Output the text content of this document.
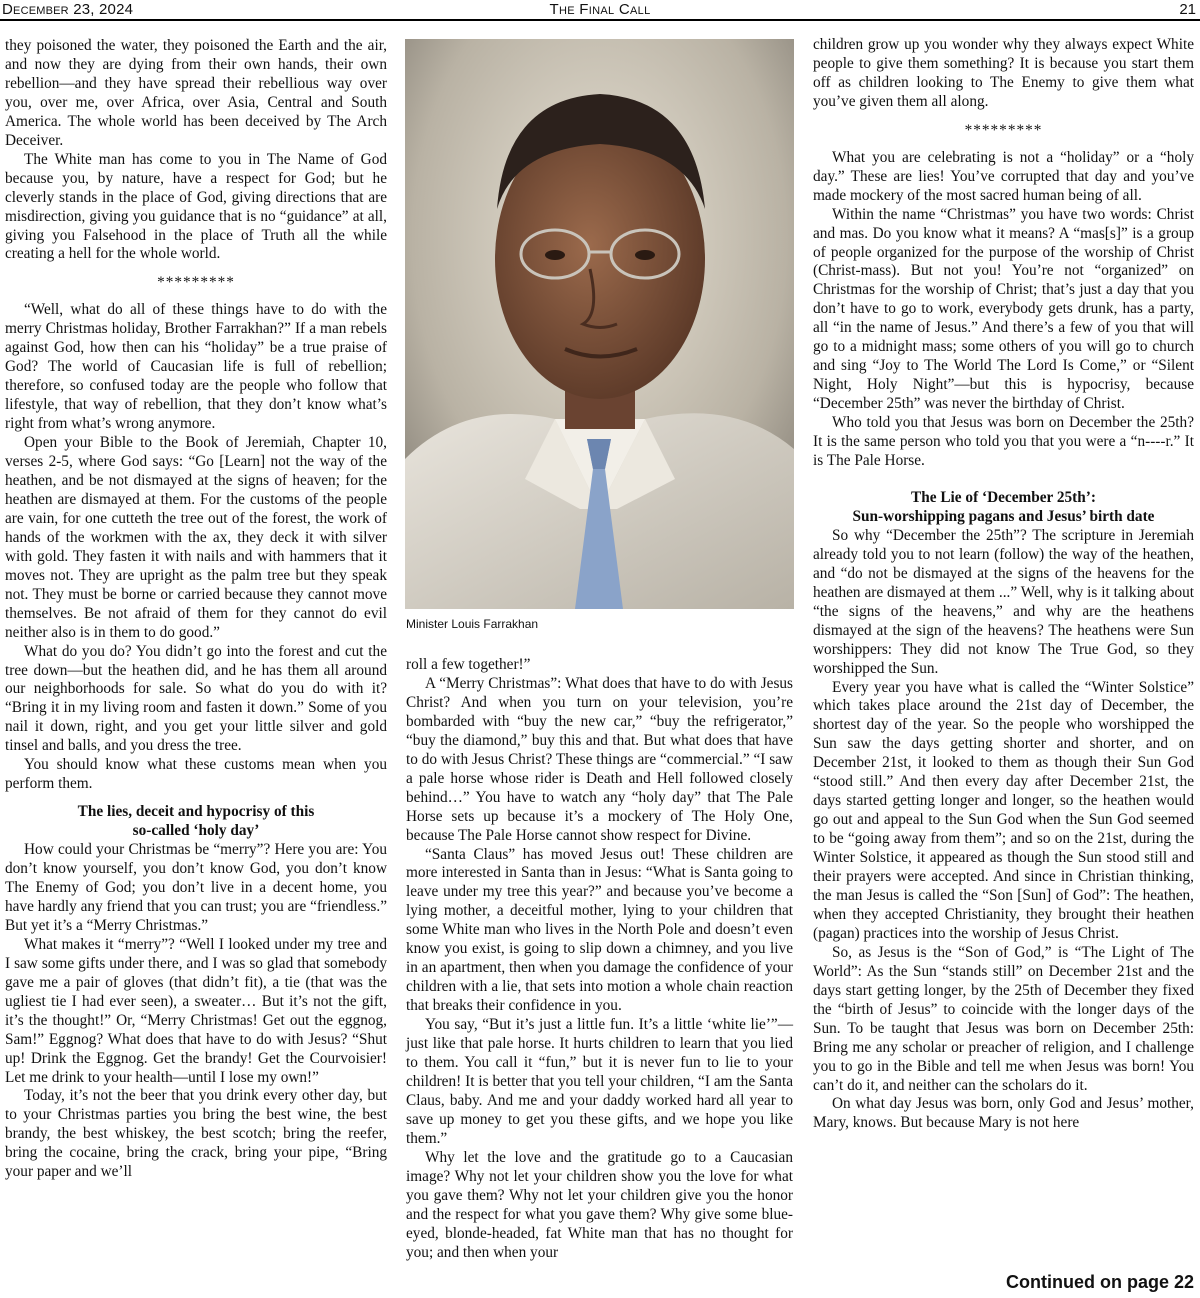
December 23, 2024	The Final Call	21

they poisoned the water, they poisoned the Earth and the air, and now they are dying from their own hands, their own rebellion—and they have spread their rebellious way over you, over me, over Africa, over Asia, Central and South America. The whole world has been deceived by The Arch Deceiver.

The White man has come to you in The Name of God because you, by nature, have a respect for God; but he cleverly stands in the place of God, giving directions that are misdirection, giving you guidance that is no “guidance” at all, giving you Falsehood in the place of Truth all the while creating a hell for the whole world.

*********

“Well, what do all of these things have to do with the merry Christmas holiday, Brother Farrakhan?” If a man rebels against God, how then can his “holiday” be a true praise of God? The world of Caucasian life is full of rebellion; therefore, so confused today are the people who follow that lifestyle, that way of rebellion, that they don’t know what’s right from what’s wrong anymore.

Open your Bible to the Book of Jeremiah, Chapter 10, verses 2-5, where God says: “Go [Learn] not the way of the heathen, and be not dismayed at the signs of heaven; for the heathen are dismayed at them. For the customs of the people are vain, for one cutteth the tree out of the forest, the work of hands of the workmen with the ax, they deck it with silver with gold. They fasten it with nails and with hammers that it moves not. They are upright as the palm tree but they speak not. They must be borne or carried because they cannot move themselves. Be not afraid of them for they cannot do evil neither also is in them to do good.”

What do you do? You didn’t go into the forest and cut the tree down—but the heathen did, and he has them all around our neighborhoods for sale. So what do you do with it? “Bring it in my living room and fasten it down.” Some of you nail it down, right, and you get your little silver and gold tinsel and balls, and you dress the tree.

You should know what these customs mean when you perform them.

The lies, deceit and hypocrisy of this
so-called ‘holy day’

How could your Christmas be “merry”? Here you are: You don’t know yourself, you don’t know God, you don’t know The Enemy of God; you don’t live in a decent home, you have hardly any friend that you can trust; you are “friendless.” But yet it’s a “Merry Christmas.”

What makes it “merry”? “Well I looked under my tree and I saw some gifts under there, and I was so glad that somebody gave me a pair of gloves (that didn’t fit), a tie (that was the ugliest tie I had ever seen), a sweater… But it’s not the gift, it’s the thought!” Or, “Merry Christmas! Get out the eggnog, Sam!” Eggnog? What does that have to do with Jesus? “Shut up! Drink the Eggnog. Get the brandy! Get the Courvoisier! Let me drink to your health—until I lose my own!”

Today, it’s not the beer that you drink every other day, but to your Christmas parties you bring the best wine, the best brandy, the best whiskey, the best scotch; bring the reefer, bring the cocaine, bring the crack, bring your pipe, “Bring your paper and we’ll

Minister Louis Farrakhan

roll a few together!”

A “Merry Christmas”: What does that have to do with Jesus Christ? And when you turn on your television, you’re bombarded with “buy the new car,” “buy the refrigerator,” “buy the diamond,” buy this and that. But what does that have to do with Jesus Christ? These things are “commercial.” “I saw a pale horse whose rider is Death and Hell followed closely behind…” You have to watch any “holy day” that The Pale Horse sets up because it’s a mockery of The Holy One, because The Pale Horse cannot show respect for Divine.

“Santa Claus” has moved Jesus out! These children are more interested in Santa than in Jesus: “What is Santa going to leave under my tree this year?” and because you’ve become a lying mother, a deceitful mother, lying to your children that some White man who lives in the North Pole and doesn’t even know you exist, is going to slip down a chimney, and you live in an apartment, then when you damage the confidence of your children with a lie, that sets into motion a whole chain reaction that breaks their confidence in you.

You say, “But it’s just a little fun. It’s a little ‘white lie’”—just like that pale horse. It hurts children to learn that you lied to them. You call it “fun,” but it is never fun to lie to your children! It is better that you tell your children, “I am the Santa Claus, baby. And me and your daddy worked hard all year to save up money to get you these gifts, and we hope you like them.”

Why let the love and the gratitude go to a Caucasian image? Why not let your children show you the love for what you gave them? Why not let your children give you the honor and the respect for what you gave them? Why give some blue-eyed, blonde-headed, fat White man that has no thought for you; and then when your

children grow up you wonder why they always expect White people to give them something? It is because you start them off as children looking to The Enemy to give them what you’ve given them all along.

*********

What you are celebrating is not a “holiday” or a “holy day.” These are lies! You’ve corrupted that day and you’ve made mockery of the most sacred human being of all.

Within the name “Christmas” you have two words: Christ and mas. Do you know what it means? A “mas[s]” is a group of people organized for the purpose of the worship of Christ (Christ-mass). But not you! You’re not “organized” on Christmas for the worship of Christ; that’s just a day that you don’t have to go to work, everybody gets drunk, has a party, all “in the name of Jesus.” And there’s a few of you that will go to a midnight mass; some others of you will go to church and sing “Joy to The World The Lord Is Come,” or “Silent Night, Holy Night”—but this is hypocrisy, because “December 25th” was never the birthday of Christ.

Who told you that Jesus was born on December the 25th? It is the same person who told you that you were a “n----r.” It is The Pale Horse.

The Lie of ‘December 25th’:
Sun-worshipping pagans and Jesus’ birth date

So why “December the 25th”? The scripture in Jeremiah already told you to not learn (follow) the way of the heathen, and “do not be dismayed at the signs of the heavens for the heathen are dismayed at them ...” Well, why is it talking about “the signs of the heavens,” and why are the heathens dismayed at the sign of the heavens? The heathens were Sun worshippers: They did not know The True God, so they worshipped the Sun.

Every year you have what is called the “Winter Solstice” which takes place around the 21st day of December, the shortest day of the year. So the people who worshipped the Sun saw the days getting shorter and shorter, and on December 21st, it looked to them as though their Sun God “stood still.” And then every day after December 21st, the days started getting longer and longer, so the heathen would go out and appeal to the Sun God when the Sun God seemed to be “going away from them”; and so on the 21st, during the Winter Solstice, it appeared as though the Sun stood still and their prayers were accepted. And since in Christian thinking, the man Jesus is called the “Son [Sun] of God”: The heathen, when they accepted Christianity, they brought their heathen (pagan) practices into the worship of Jesus Christ.

So, as Jesus is the “Son of God,” is “The Light of The World”: As the Sun “stands still” on December 21st and the days start getting longer, by the 25th of December they fixed the “birth of Jesus” to coincide with the longer days of the Sun. To be taught that Jesus was born on December 25th: Bring me any scholar or preacher of religion, and I challenge you to go in the Bible and tell me when Jesus was born! You can’t do it, and neither can the scholars do it.

On what day Jesus was born, only God and Jesus’ mother, Mary, knows. But because Mary is not here

Continued on page 22
